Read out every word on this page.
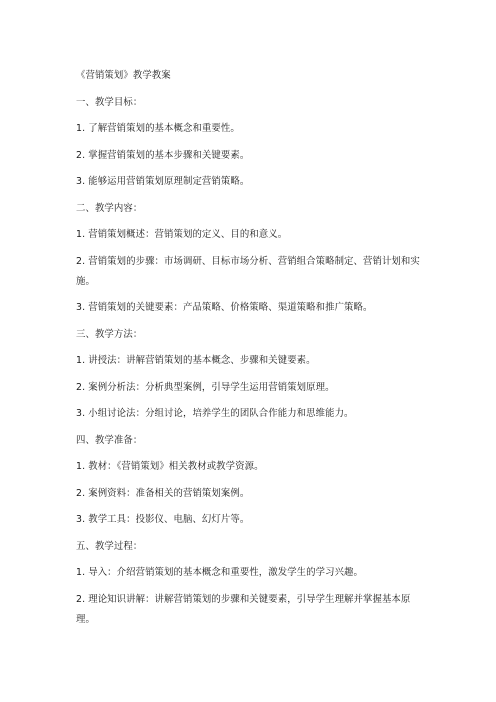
《营销策划》教学教案
一、教学目标：
1. 了解营销策划的基本概念和重要性。
2. 掌握营销策划的基本步骤和关键要素。
3. 能够运用营销策划原理制定营销策略。
二、教学内容：
1. 营销策划概述：营销策划的定义、目的和意义。
2. 营销策划的步骤：市场调研、目标市场分析、营销组合策略制定、营销计划和实施。
3. 营销策划的关键要素：产品策略、价格策略、渠道策略和推广策略。
三、教学方法：
1. 讲授法：讲解营销策划的基本概念、步骤和关键要素。
2. 案例分析法：分析典型案例，引导学生运用营销策划原理。
3. 小组讨论法：分组讨论，培养学生的团队合作能力和思维能力。
四、教学准备：
1. 教材：《营销策划》相关教材或教学资源。
2. 案例资料：准备相关的营销策划案例。
3. 教学工具：投影仪、电脑、幻灯片等。
五、教学过程：
1. 导入：介绍营销策划的基本概念和重要性，激发学生的学习兴趣。
2. 理论知识讲解：讲解营销策划的步骤和关键要素，引导学生理解并掌握基本原理。
